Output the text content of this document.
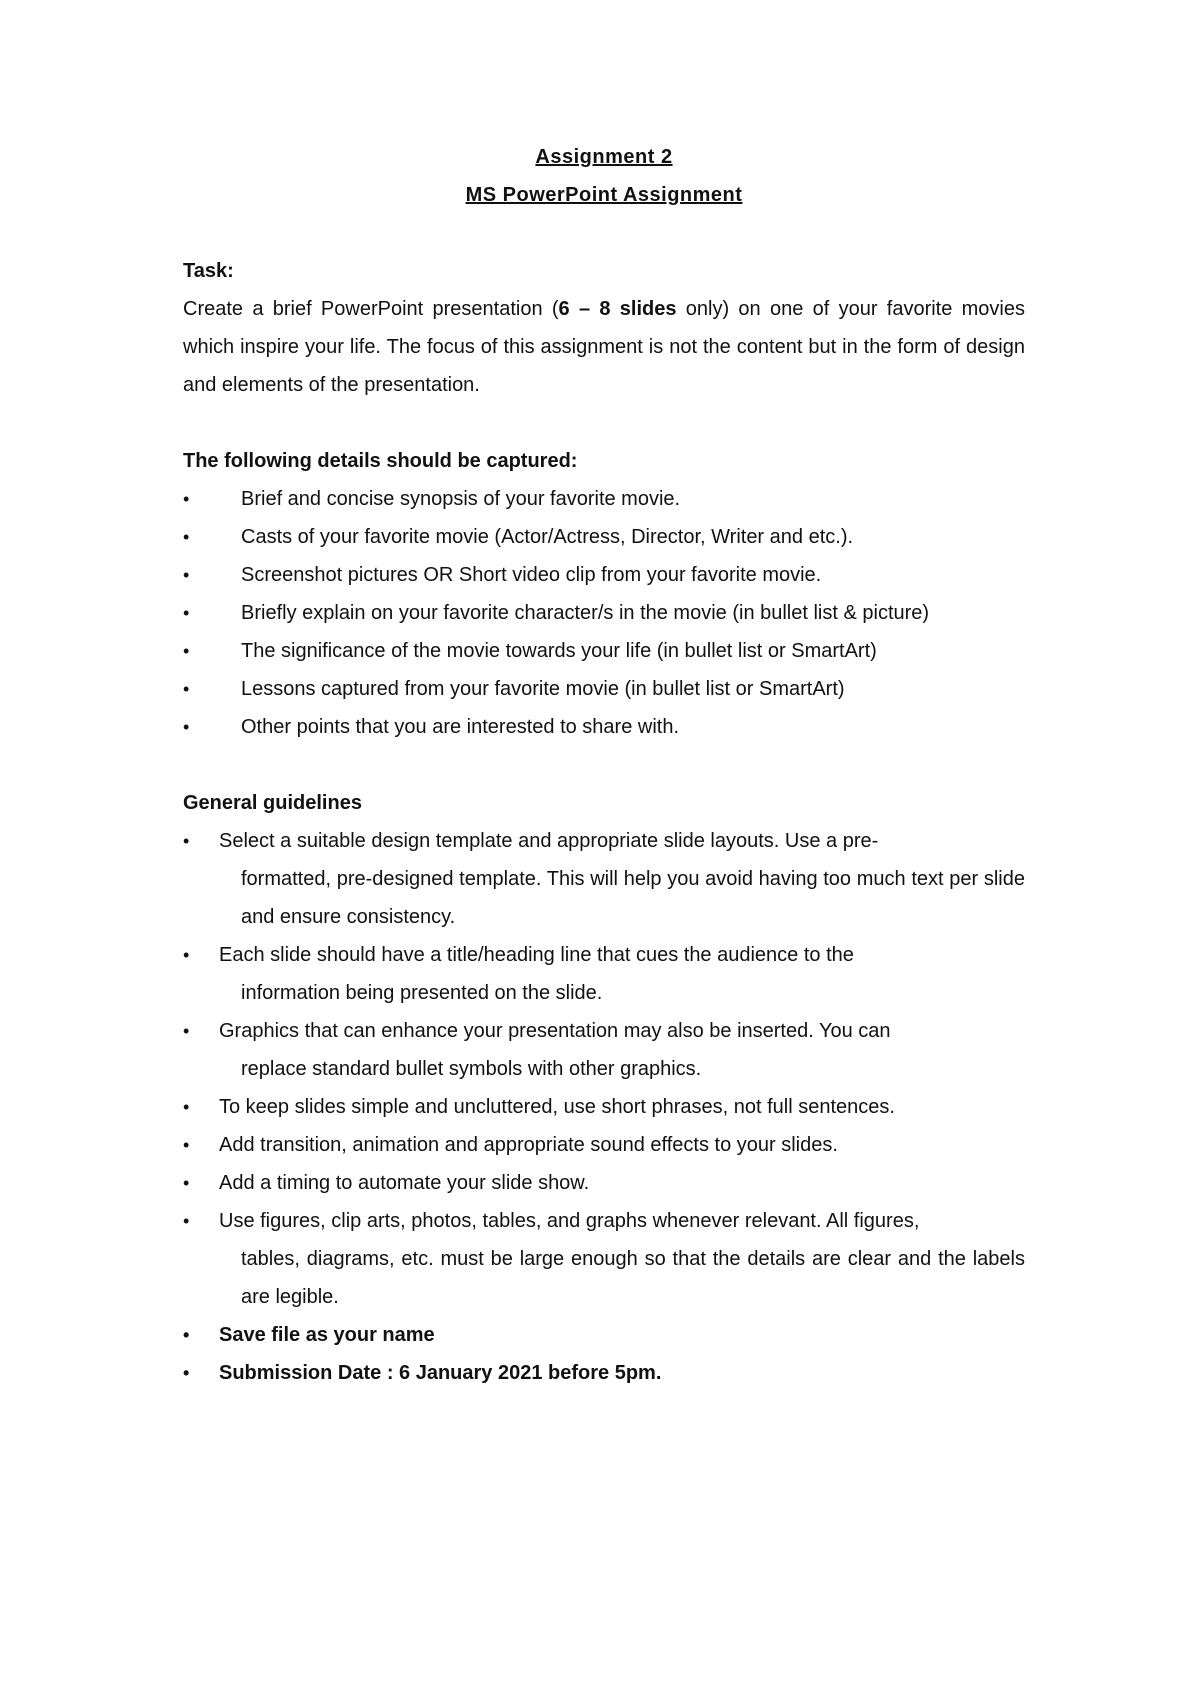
Assignment 2

MS PowerPoint Assignment

Task:

Create a brief PowerPoint presentation (6 – 8 slides only) on one of your favorite movies which inspire your life. The focus of this assignment is not the content but in the form of design and elements of the presentation.

The following details should be captured:

•	Brief and concise synopsis of your favorite movie.
•	Casts of your favorite movie (Actor/Actress, Director, Writer and etc.).
•	Screenshot pictures OR Short video clip from your favorite movie.
•	Briefly explain on your favorite character/s in the movie (in bullet list & picture)
•	The significance of the movie towards your life (in bullet list or SmartArt)
•	Lessons captured from your favorite movie (in bullet list or SmartArt)
•	Other points that you are interested to share with.

General guidelines

• Select a suitable design template and appropriate slide layouts. Use a pre-
formatted, pre-designed template. This will help you avoid having too much text per slide and ensure consistency.
• Each slide should have a title/heading line that cues the audience to the
information being presented on the slide.
• Graphics that can enhance your presentation may also be inserted. You can
replace standard bullet symbols with other graphics.
• To keep slides simple and uncluttered, use short phrases, not full sentences.
• Add transition, animation and appropriate sound effects to your slides.
• Add a timing to automate your slide show.
• Use figures, clip arts, photos, tables, and graphs whenever relevant. All figures,
tables, diagrams, etc. must be large enough so that the details are clear and the labels are legible.
• Save file as your name
• Submission Date : 6 January 2021 before 5pm.
